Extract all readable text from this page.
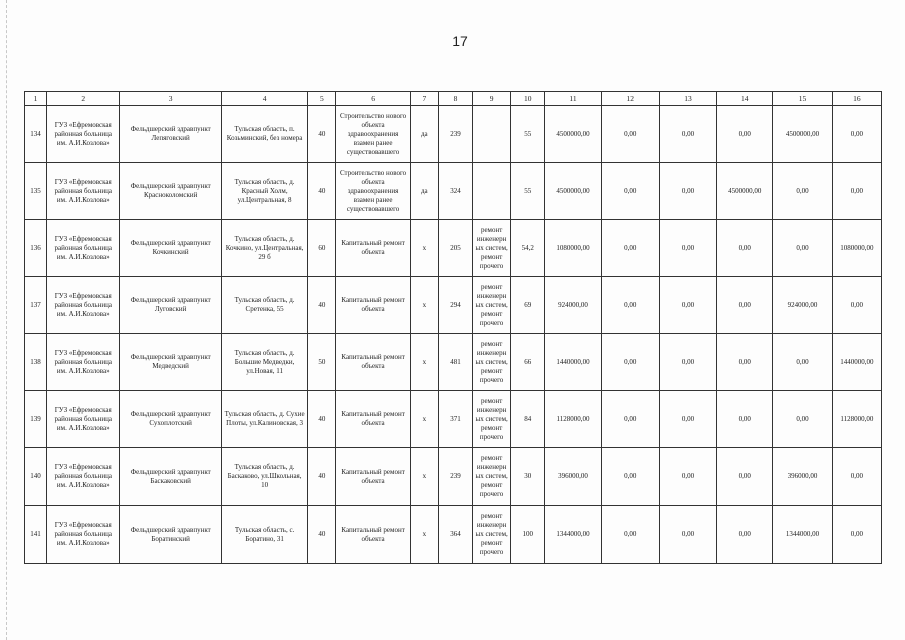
17
1	2	3	4	5	6	7	8	9	10	11	12	13	14	15	16
134	ГУЗ «Ефремовская районная больница им. А.И.Козлова»	Фельдшерский здравпункт Лепяговский	Тульская область, п. Козьминский, без номера	40	Строительство нового объекта здравоохранения взамен ранее существовавшего	да	239		55	4500000,00	0,00	0,00	0,00	4500000,00	0,00
135	ГУЗ «Ефремовская районная больница им. А.И.Козлова»	Фельдшерский здравпункт Красноколомский	Тульская область, д. Красный Холм, ул.Центральная, 8	40	Строительство нового объекта здравоохранения взамен ранее существовавшего	да	324		55	4500000,00	0,00	0,00	4500000,00	0,00	0,00
136	ГУЗ «Ефремовская районная больница им. А.И.Козлова»	Фельдшерский здравпункт Кочкинский	Тульская область, д. Кочкино, ул.Центральная, 29 б	60	Капитальный ремонт объекта	х	205	ремонт инженерных систем, ремонт прочего	54,2	1080000,00	0,00	0,00	0,00	0,00	1080000,00
137	ГУЗ «Ефремовская районная больница им. А.И.Козлова»	Фельдшерский здравпункт Луговский	Тульская область, д. Сретенка, 55	40	Капитальный ремонт объекта	х	294	ремонт инженерных систем, ремонт прочего	69	924000,00	0,00	0,00	0,00	924000,00	0,00
138	ГУЗ «Ефремовская районная больница им. А.И.Козлова»	Фельдшерский здравпункт Медведский	Тульская область, д. Большие Медведки, ул.Новая, 11	50	Капитальный ремонт объекта	х	481	ремонт инженерных систем, ремонт прочего	66	1440000,00	0,00	0,00	0,00	0,00	1440000,00
139	ГУЗ «Ефремовская районная больница им. А.И.Козлова»	Фельдшерский здравпункт Сухоплотский	Тульская область, д. Сухие Плоты, ул.Калиновская, 3	40	Капитальный ремонт объекта	х	371	ремонт инженерных систем, ремонт прочего	84	1128000,00	0,00	0,00	0,00	0,00	1128000,00
140	ГУЗ «Ефремовская районная больница им. А.И.Козлова»	Фельдшерский здравпункт Баскаковский	Тульская область, д. Баскаково, ул.Школьная, 10	40	Капитальный ремонт объекта	х	239	ремонт инженерных систем, ремонт прочего	30	396000,00	0,00	0,00	0,00	396000,00	0,00
141	ГУЗ «Ефремовская районная больница им. А.И.Козлова»	Фельдшерский здравпункт Боратинский	Тульская область, с. Боратино, 31	40	Капитальный ремонт объекта	х	364	ремонт инженерных систем, ремонт прочего	100	1344000,00	0,00	0,00	0,00	1344000,00	0,00
